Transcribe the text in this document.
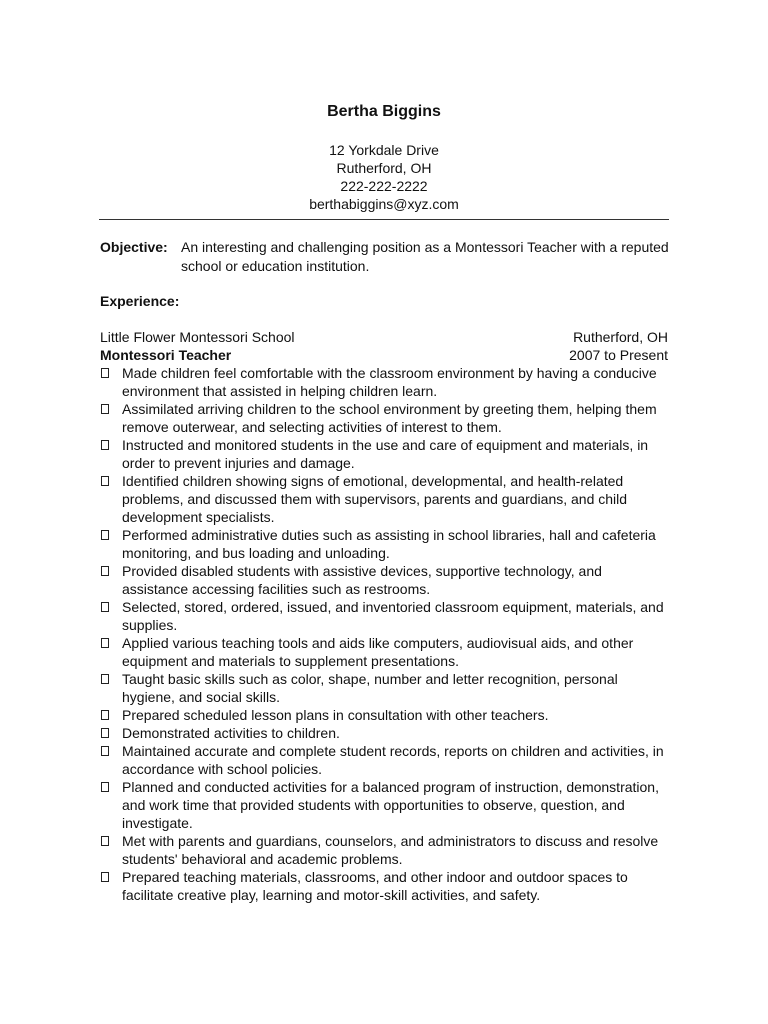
Bertha Biggins
12 Yorkdale Drive
Rutherford, OH
222-222-2222
berthabiggins@xyz.com
Objective: An interesting and challenging position as a Montessori Teacher with a reputed school or education institution.
Experience:
Little Flower Montessori School	Rutherford, OH
Montessori Teacher	2007 to Present
Made children feel comfortable with the classroom environment by having a conducive environment that assisted in helping children learn.
Assimilated arriving children to the school environment by greeting them, helping them remove outerwear, and selecting activities of interest to them.
Instructed and monitored students in the use and care of equipment and materials, in order to prevent injuries and damage.
Identified children showing signs of emotional, developmental, and health-related problems, and discussed them with supervisors, parents and guardians, and child development specialists.
Performed administrative duties such as assisting in school libraries, hall and cafeteria monitoring, and bus loading and unloading.
Provided disabled students with assistive devices, supportive technology, and assistance accessing facilities such as restrooms.
Selected, stored, ordered, issued, and inventoried classroom equipment, materials, and supplies.
Applied various teaching tools and aids like computers, audiovisual aids, and other equipment and materials to supplement presentations.
Taught basic skills such as color, shape, number and letter recognition, personal hygiene, and social skills.
Prepared scheduled lesson plans in consultation with other teachers.
Demonstrated activities to children.
Maintained accurate and complete student records, reports on children and activities, in accordance with school policies.
Planned and conducted activities for a balanced program of instruction, demonstration, and work time that provided students with opportunities to observe, question, and investigate.
Met with parents and guardians, counselors, and administrators to discuss and resolve students' behavioral and academic problems.
Prepared teaching materials, classrooms, and other indoor and outdoor spaces to facilitate creative play, learning and motor-skill activities, and safety.
